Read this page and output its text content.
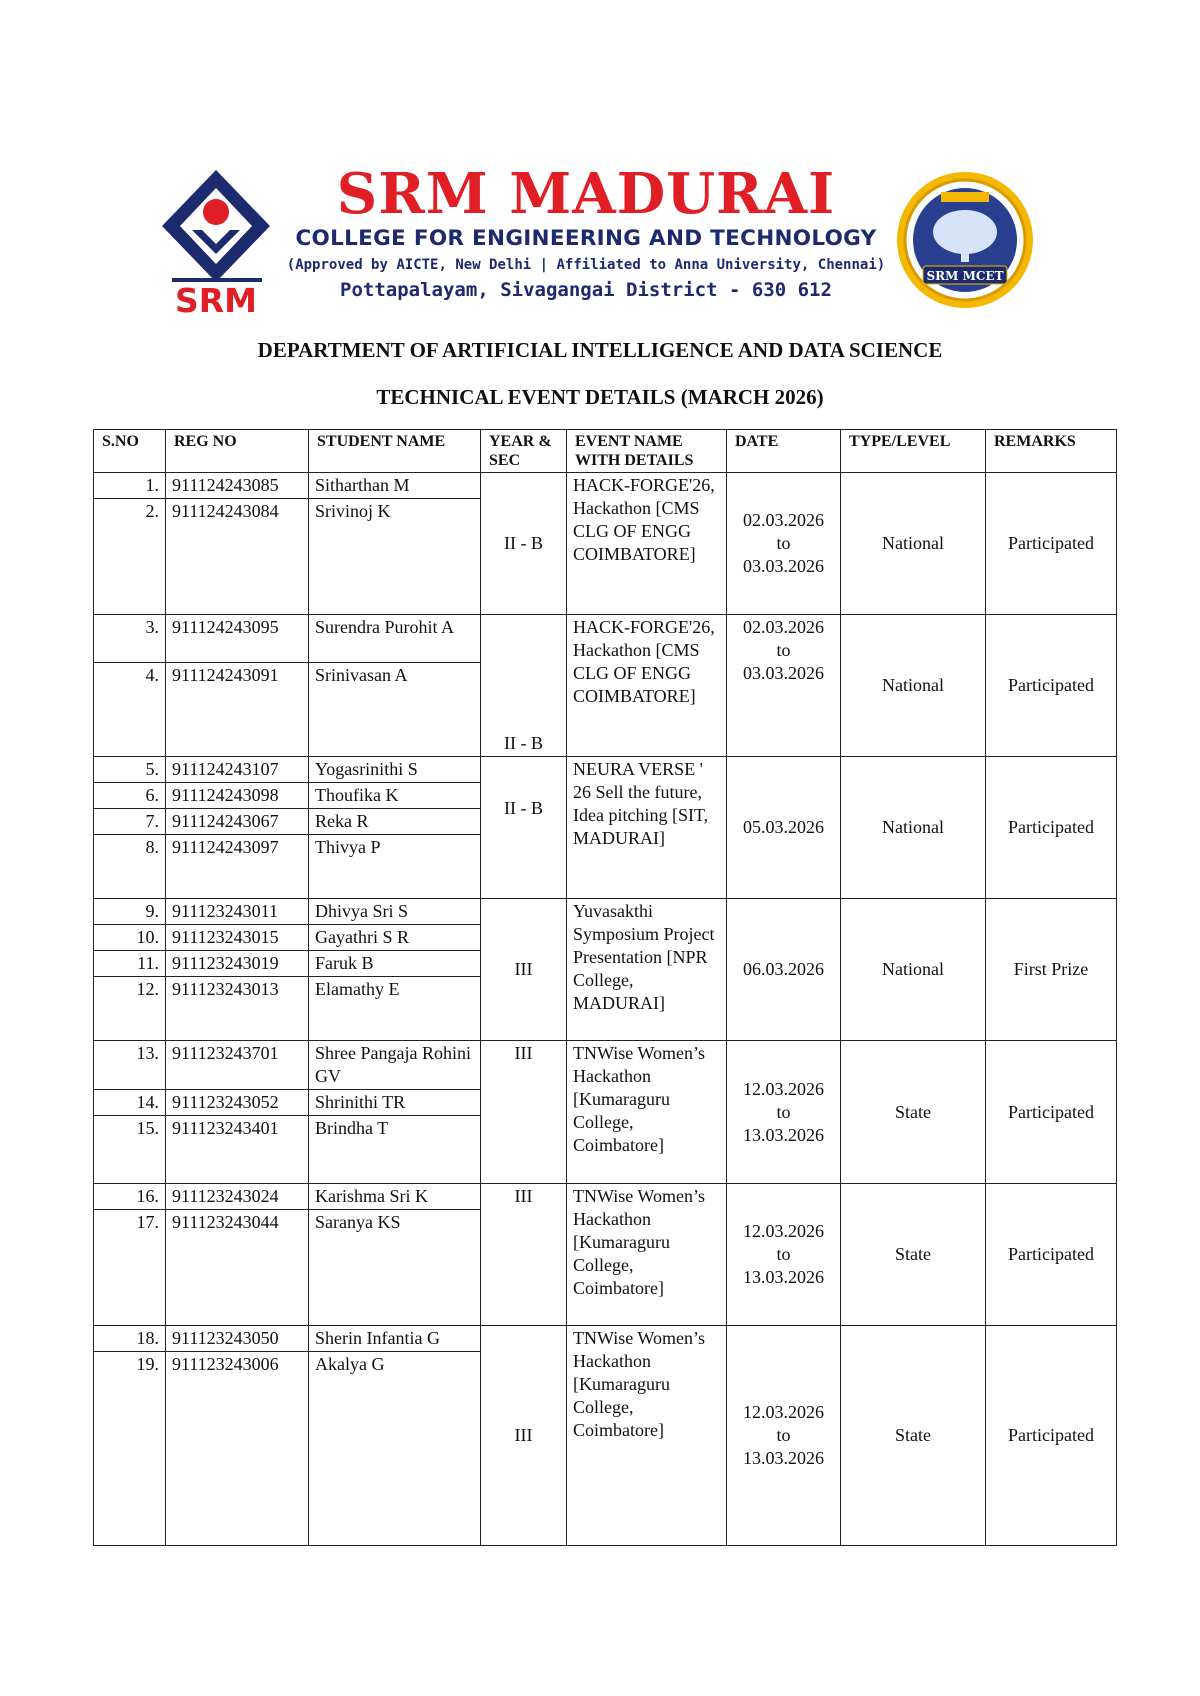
SRM
SRM MADURAI
COLLEGE FOR ENGINEERING AND TECHNOLOGY
(Approved by AICTE, New Delhi | Affiliated to Anna University, Chennai)
Pottapalayam, Sivagangai District - 630 612
SRM MCET
DEPARTMENT OF ARTIFICIAL INTELLIGENCE AND DATA SCIENCE
TECHNICAL EVENT DETAILS (MARCH 2026)
S.NO	REG NO	STUDENT NAME	YEAR & SEC	EVENT NAME WITH DETAILS	DATE	TYPE/LEVEL	REMARKS
1.	911124243085	Sitharthan M	II - B	HACK-FORGE'26, Hackathon [CMS CLG OF ENGG COIMBATORE]	02.03.2026
to
03.03.2026	National	Participated
2.	911124243084	Srivinoj K					
3.	911124243095	Surendra Purohit A	II - B	HACK-FORGE'26, Hackathon [CMS CLG OF ENGG COIMBATORE]	02.03.2026
to
03.03.2026	National	Participated
4.	911124243091	Srinivasan A					
5.	911124243107	Yogasrinithi S	II - B	NEURA VERSE ' 26 Sell the future, Idea pitching [SIT, MADURAI]	05.03.2026	National	Participated
6.	911124243098	Thoufika K					
7.	911124243067	Reka R					
8.	911124243097	Thivya P					
9.	911123243011	Dhivya Sri S	III	Yuvasakthi Symposium Project Presentation [NPR College, MADURAI]	06.03.2026	National	First Prize
10.	911123243015	Gayathri S R					
11.	911123243019	Faruk B					
12.	911123243013	Elamathy E					
13.	911123243701	Shree Pangaja Rohini GV	III	TNWise Women’s Hackathon [Kumaraguru College, Coimbatore]	12.03.2026
to
13.03.2026	State	Participated
14.	911123243052	Shrinithi TR					
15.	911123243401	Brindha T					
16.	911123243024	Karishma Sri K	III	TNWise Women’s Hackathon [Kumaraguru College, Coimbatore]	12.03.2026
to
13.03.2026	State	Participated
17.	911123243044	Saranya KS					
18.	911123243050	Sherin Infantia G	III	TNWise Women’s Hackathon [Kumaraguru College, Coimbatore]	12.03.2026
to
13.03.2026	State	Participated
19.	911123243006	Akalya G					
